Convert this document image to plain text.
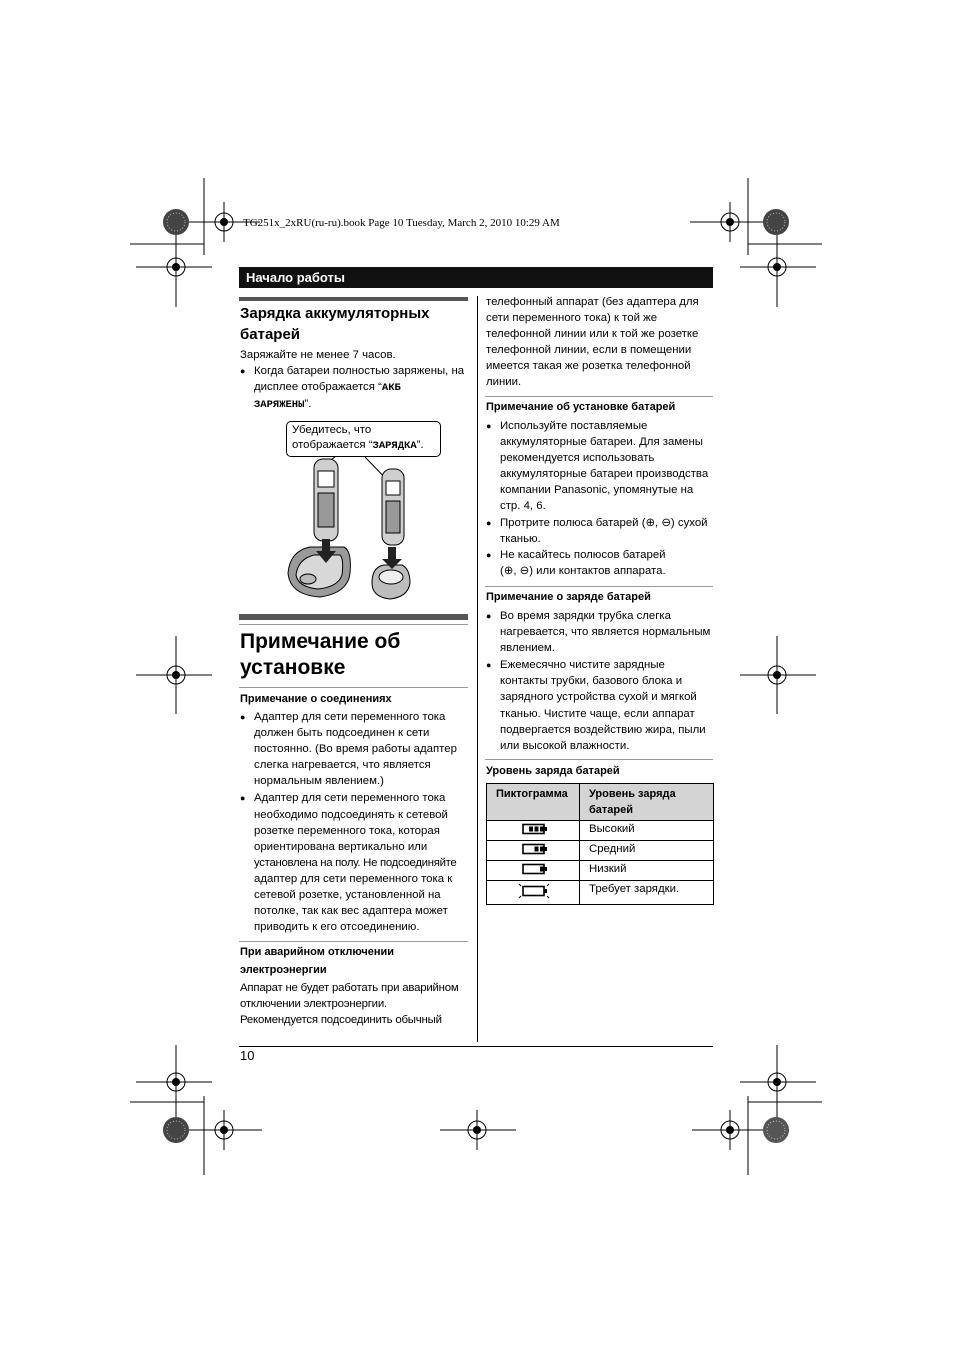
TG251x_2xRU(ru-ru).book Page 10 Tuesday, March 2, 2010 10:29 AM
Начало работы
Зарядка аккумуляторных
батарей
Заряжайте не менее 7 часов.
● Когда батареи полностью заряжены, на
дисплее отображается “АКБ
ЗАРЯЖЕНЫ”.
Убедитесь, что
отображается “ЗАРЯДКА”.
Примечание об
установке
Примечание о соединениях
● Адаптер для сети переменного тока
должен быть подсоединен к сети
постоянно. (Во время работы адаптер
слегка нагревается, что является
нормальным явлением.)
● Адаптер для сети переменного тока
необходимо подсоединять к сетевой
розетке переменного тока, которая
ориентирована вертикально или
установлена на полу. Не подсоединяйте
адаптер для сети переменного тока к
сетевой розетке, установленной на
потолке, так как вес адаптера может
приводить к его отсоединению.
При аварийном отключении
электроэнергии
Аппарат не будет работать при аварийном
отключении электроэнергии.
Рекомендуется подсоединить обычный
телефонный аппарат (без адаптера для
сети переменного тока) к той же
телефонной линии или к той же розетке
телефонной линии, если в помещении
имеется такая же розетка телефонной
линии.
Примечание об установке батарей
● Используйте поставляемые
аккумуляторные батареи. Для замены
рекомендуется использовать
аккумуляторные батареи производства
компании Panasonic, упомянутые на
стр. 4, 6.
● Протрите полюса батарей (⊕, ⊖) сухой
тканью.
● Не касайтесь полюсов батарей
(⊕, ⊖) или контактов аппарата.
Примечание о заряде батарей
● Во время зарядки трубка слегка
нагревается, что является нормальным
явлением.
● Ежемесячно чистите зарядные
контакты трубки, базового блока и
зарядного устройства сухой и мягкой
тканью. Чистите чаще, если аппарат
подвергается воздействию жира, пыли
или высокой влажности.
Уровень заряда батарей
Пиктограмма	Уровень заряда
батарей
	Высокий
	Средний
	Низкий
	Требует зарядки.
10
